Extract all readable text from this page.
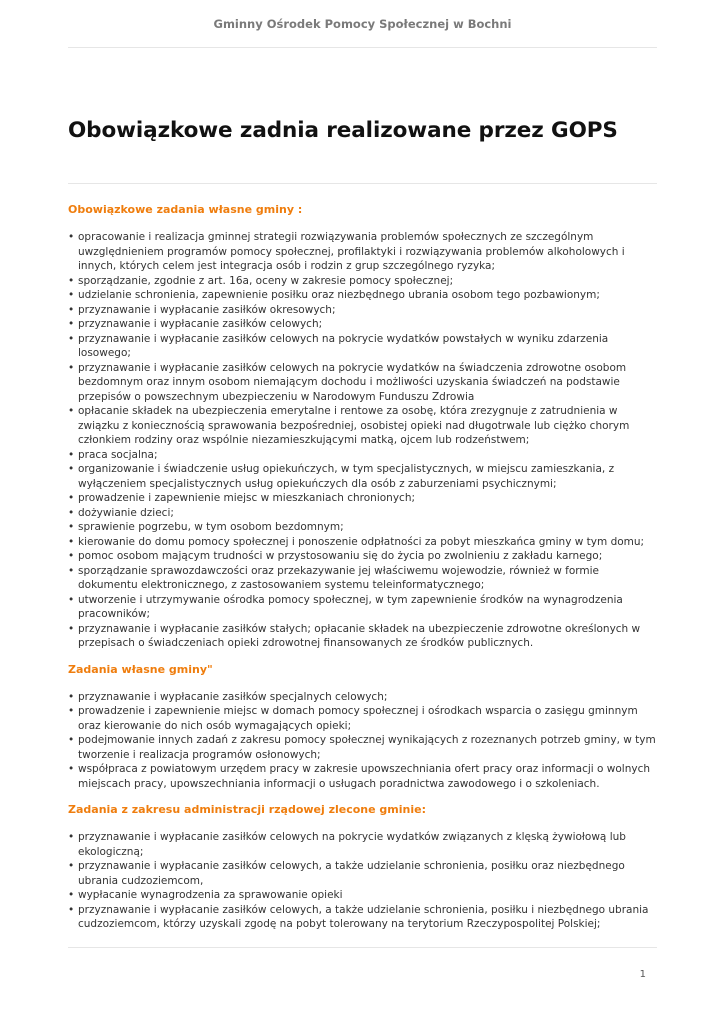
Gminny Ośrodek Pomocy Społecznej w Bochni
Obowiązkowe zadnia realizowane przez GOPS
Obowiązkowe zadania własne gminy :
• opracowanie i realizacja gminnej strategii rozwiązywania problemów społecznych ze szczególnym uwzględnieniem programów pomocy społecznej, profilaktyki i rozwiązywania problemów alkoholowych i innych, których celem jest integracja osób i rodzin z grup szczególnego ryzyka;
• sporządzanie, zgodnie z art. 16a, oceny w zakresie pomocy społecznej;
• udzielanie schronienia, zapewnienie posiłku oraz niezbędnego ubrania osobom tego pozbawionym;
• przyznawanie i wypłacanie zasiłków okresowych;
• przyznawanie i wypłacanie zasiłków celowych;
• przyznawanie i wypłacanie zasiłków celowych na pokrycie wydatków powstałych w wyniku zdarzenia losowego;
• przyznawanie i wypłacanie zasiłków celowych na pokrycie wydatków na świadczenia zdrowotne osobom bezdomnym oraz innym osobom niemającym dochodu i możliwości uzyskania świadczeń na podstawie przepisów o powszechnym ubezpieczeniu w Narodowym Funduszu Zdrowia
• opłacanie składek na ubezpieczenia emerytalne i rentowe za osobę, która zrezygnuje z zatrudnienia w związku z koniecznością sprawowania bezpośredniej, osobistej opieki nad długotrwale lub ciężko chorym członkiem rodziny oraz wspólnie niezamieszkującymi matką, ojcem lub rodzeństwem;
• praca socjalna;
• organizowanie i świadczenie usług opiekuńczych, w tym specjalistycznych, w miejscu zamieszkania, z wyłączeniem specjalistycznych usług opiekuńczych dla osób z zaburzeniami psychicznymi;
• prowadzenie i zapewnienie miejsc w mieszkaniach chronionych;
• dożywianie dzieci;
• sprawienie pogrzebu, w tym osobom bezdomnym;
• kierowanie do domu pomocy społecznej i ponoszenie odpłatności za pobyt mieszkańca gminy w tym domu;
• pomoc osobom mającym trudności w przystosowaniu się do życia po zwolnieniu z zakładu karnego;
• sporządzanie sprawozdawczości oraz przekazywanie jej właściwemu wojewodzie, również w formie dokumentu elektronicznego, z zastosowaniem systemu teleinformatycznego;
• utworzenie i utrzymywanie ośrodka pomocy społecznej, w tym zapewnienie środków na wynagrodzenia pracowników;
• przyznawanie i wypłacanie zasiłków stałych; opłacanie składek na ubezpieczenie zdrowotne określonych w przepisach o świadczeniach opieki zdrowotnej finansowanych ze środków publicznych.
Zadania własne gminy"
• przyznawanie i wypłacanie zasiłków specjalnych celowych;
• prowadzenie i zapewnienie miejsc w domach pomocy społecznej i ośrodkach wsparcia o zasięgu gminnym oraz kierowanie do nich osób wymagających opieki;
• podejmowanie innych zadań z zakresu pomocy społecznej wynikających z rozeznanych potrzeb gminy, w tym tworzenie i realizacja programów osłonowych;
• współpraca z powiatowym urzędem pracy w zakresie upowszechniania ofert pracy oraz informacji o wolnych miejscach pracy, upowszechniania informacji o usługach poradnictwa zawodowego i o szkoleniach.
Zadania z zakresu administracji rządowej zlecone gminie:
• przyznawanie i wypłacanie zasiłków celowych na pokrycie wydatków związanych z klęską żywiołową lub ekologiczną;
• przyznawanie i wypłacanie zasiłków celowych, a także udzielanie schronienia, posiłku oraz niezbędnego ubrania cudzoziemcom,
• wypłacanie wynagrodzenia za sprawowanie opieki
• przyznawanie i wypłacanie zasiłków celowych, a także udzielanie schronienia, posiłku i niezbędnego ubrania cudzoziemcom, którzy uzyskali zgodę na pobyt tolerowany na terytorium Rzeczypospolitej Polskiej;
1
